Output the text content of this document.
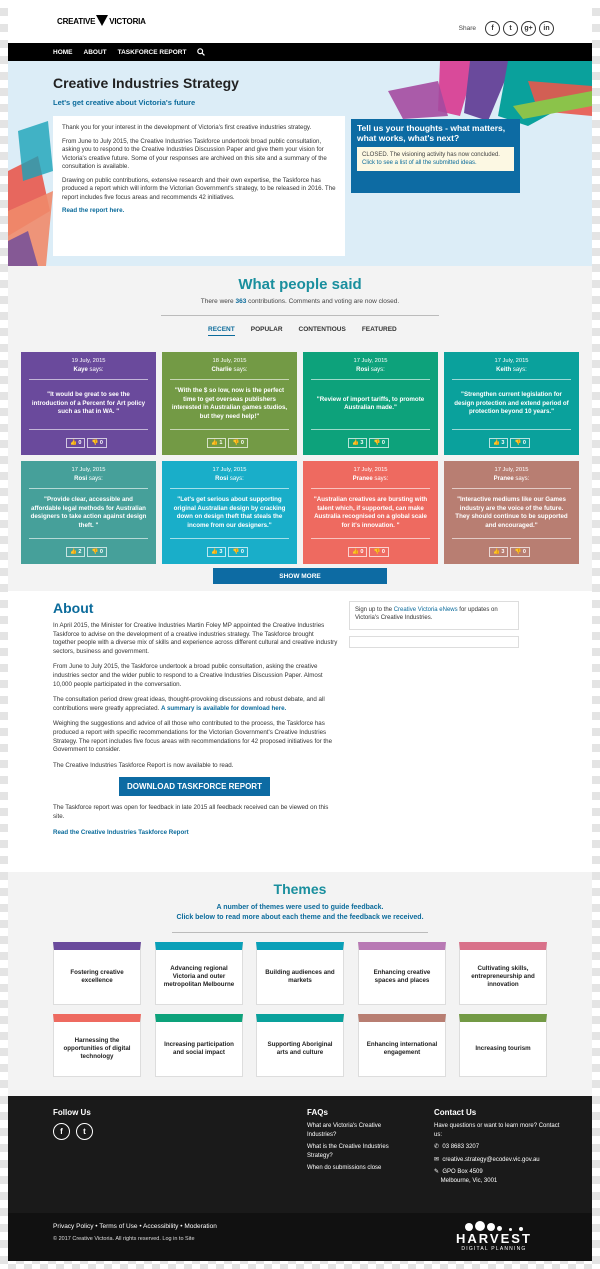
CREATIVE VICTORIA
Share	f	t	g+	in
HOME ABOUT TASKFORCE REPORT
Creative Industries Strategy
Let's get creative about Victoria's future

Thank you for your interest in the development of Victoria's first creative industries strategy.

From June to July 2015, the Creative Industries Taskforce undertook broad public consultation, asking you to respond to the Creative Industries Discussion Paper and give them your vision for Victoria's creative future. Some of your responses are archived on this site and a summary of the consultation is available.

Drawing on public contributions, extensive research and their own expertise, the Taskforce has produced a report which will inform the Victorian Government's strategy, to be released in 2016. The report includes five focus areas and recommends 42 initiatives.

Read the report here.
Tell us your thoughts - what matters, what works, what's next?
CLOSED. The visioning activity has now concluded.
Click to see a list of all the submitted ideas.
What people said
There were 363 contributions. Comments and voting are now closed.
RECENT POPULAR CONTENTIOUS FEATURED
19 July, 2015
Kaye says:
"It would be great to see the introduction of a Percent for Art policy such as that in WA. "
👍 0	👎 0
18 July, 2015
Charlie says:
"With the $ so low, now is the perfect time to get overseas publishers interested in Australian games studios, but they need help!"
👍 1	👎 0
17 July, 2015
Rosi says:
"Review of import tariffs, to promote Australian made."
👍 3	👎 0
17 July, 2015
Keith says:
"Strengthen current legislation for design protection and extend period of protection beyond 10 years."
👍 3	👎 0
17 July, 2015
Rosi says:
"Provide clear, accessible and affordable legal methods for Australian designers to take action against design theft. "
👍 2	👎 0
17 July, 2015
Rosi says:
"Let's get serious about supporting original Australian design by cracking down on design theft that steals the income from our designers."
👍 3	👎 0
17 July, 2015
Pranee says:
"Australian creatives are bursting with talent which, if supported, can make Australia recognised on a global scale for it's innovation. "
👍 0	👎 0
17 July, 2015
Pranee says:
"Interactive mediums like our Games industry are the voice of the future. They should continue to be supported and encouraged."
👍 3	👎 0
SHOW MORE
About

In April 2015, the Minister for Creative Industries Martin Foley MP appointed the Creative Industries Taskforce to advise on the development of a creative industries strategy. The Taskforce brought together people with a diverse mix of skills and experience across different cultural and creative industry sectors, business and government.

From June to July 2015, the Taskforce undertook a broad public consultation, asking the creative industries sector and the wider public to respond to a Creative Industries Discussion Paper. Almost 10,000 people participated in the conversation.

The consultation period drew great ideas, thought-provoking discussions and robust debate, and all contributions were greatly appreciated. A summary is available for download here.

Weighing the suggestions and advice of all those who contributed to the process, the Taskforce has produced a report with specific recommendations for the Victorian Government's Creative Industries Strategy. The report includes five focus areas with recommendations for 42 proposed initiatives for the Government to consider.

The Creative Industries Taskforce Report is now available to read.

DOWNLOAD TASKFORCE REPORT

The Taskforce report was open for feedback in late 2015 all feedback received can be viewed on this site.

Read the Creative Industries Taskforce Report
Sign up to the Creative Victoria eNews for updates on Victoria's Creative Industries.
Themes
A number of themes were used to guide feedback.
Click below to read more about each theme and the feedback we received.
Fostering creative excellence
Advancing regional Victoria and outer metropolitan Melbourne
Building audiences and markets
Enhancing creative spaces and places
Cultivating skills, entrepreneurship and innovation
Harnessing the opportunities of digital technology
Increasing participation and social impact
Supporting Aboriginal arts and culture
Enhancing international engagement
Increasing tourism
Follow Us
f	t
FAQs

What are Victoria's Creative Industries?

What is the Creative Industries Strategy?

When do submissions close

Contact Us

Have questions or want to learn more? Contact us:

✆ 03 8683 3207

✉ creative.strategy@ecodev.vic.gov.au

✎ GPO Box 4509
Melbourne, Vic, 3001

Privacy Policy • Terms of Use • Accessibility • Moderation
© 2017 Creative Victoria. All rights reserved. Log in to Site	HARVEST
DIGITAL PLANNING
